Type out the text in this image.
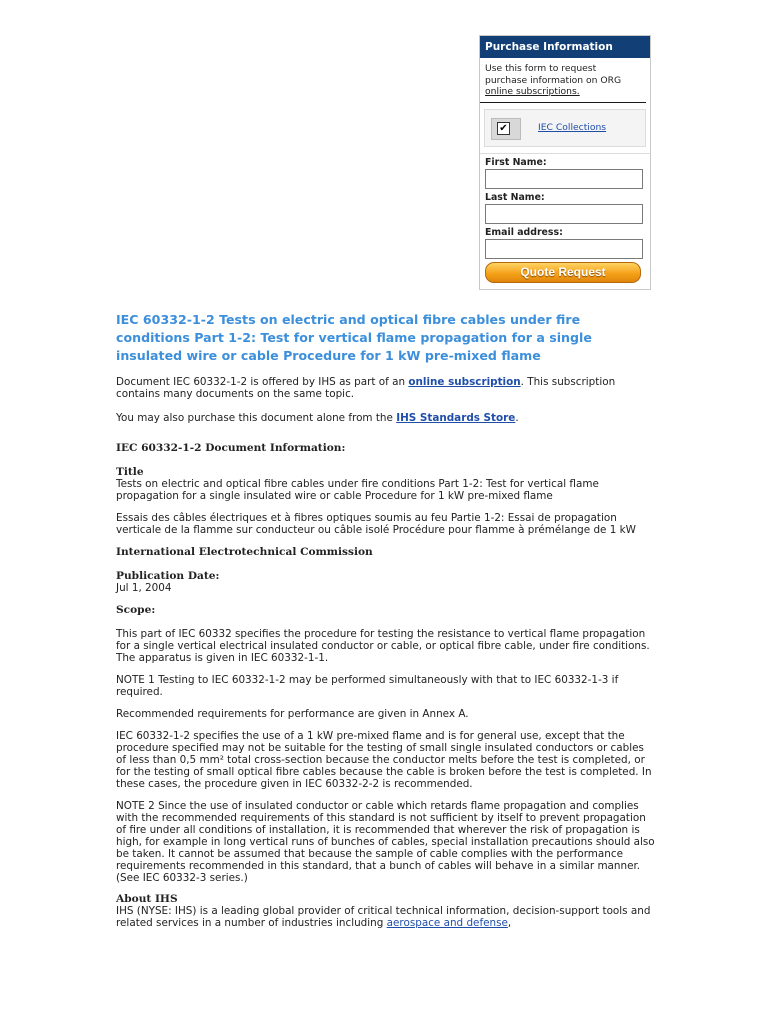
Purchase Information
Use this form to request purchase information on ORG
online subscriptions.
✔	IEC Collections
First Name:
Last Name:
Email address:
Quote Request
IEC 60332-1-2 Tests on electric and optical fibre cables under fire conditions Part 1-2: Test for vertical flame propagation for a single insulated wire or cable Procedure for 1 kW pre-mixed flame

Document IEC 60332-1-2 is offered by IHS as part of an online subscription. This subscription contains many documents on the same topic.

You may also purchase this document alone from the IHS Standards Store.

IEC 60332-1-2 Document Information:

Title

Tests on electric and optical fibre cables under fire conditions Part 1-2: Test for vertical flame propagation for a single insulated wire or cable Procedure for 1 kW pre-mixed flame

Essais des câbles électriques et à fibres optiques soumis au feu Partie 1-2: Essai de propagation verticale de la flamme sur conducteur ou câble isolé Procédure pour flamme à prémélange de 1 kW

International Electrotechnical Commission

Publication Date:

Jul 1, 2004

Scope:

This part of IEC 60332 specifies the procedure for testing the resistance to vertical flame propagation for a single vertical electrical insulated conductor or cable, or optical fibre cable, under fire conditions. The apparatus is given in IEC 60332-1-1.

NOTE 1 Testing to IEC 60332-1-2 may be performed simultaneously with that to IEC 60332-1-3 if required.

Recommended requirements for performance are given in Annex A.

IEC 60332-1-2 specifies the use of a 1 kW pre-mixed flame and is for general use, except that the procedure specified may not be suitable for the testing of small single insulated conductors or cables of less than 0,5 mm² total cross-section because the conductor melts before the test is completed, or for the testing of small optical fibre cables because the cable is broken before the test is completed. In these cases, the procedure given in IEC 60332-2-2 is recommended.

NOTE 2 Since the use of insulated conductor or cable which retards flame propagation and complies with the recommended requirements of this standard is not sufficient by itself to prevent propagation of fire under all conditions of installation, it is recommended that wherever the risk of propagation is high, for example in long vertical runs of bunches of cables, special installation precautions should also be taken. It cannot be assumed that because the sample of cable complies with the performance requirements recommended in this standard, that a bunch of cables will behave in a similar manner. (See IEC 60332-3 series.)

About IHS

IHS (NYSE: IHS) is a leading global provider of critical technical information, decision-support tools and related services in a number of industries including aerospace and defense,
